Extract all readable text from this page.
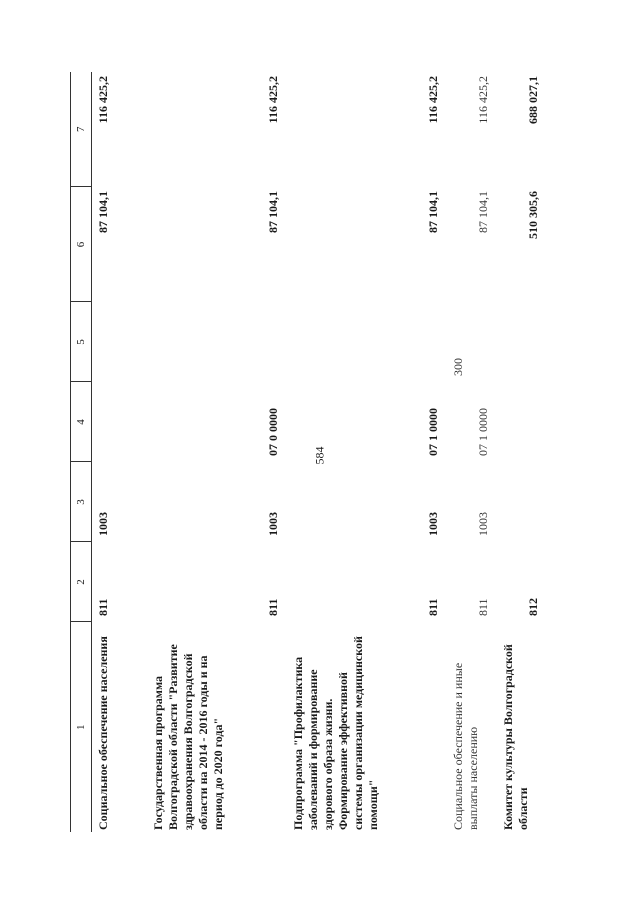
584
1	2	3	4	5	6	7
Социальное обеспечение населения	811	1003			87 104,1	116 425,2
Государственная программа Волгоградской области "Развитие здравоохранения Волгоградской области на 2014 - 2016 годы и на период до 2020 года"	811	1003	07 0 0000		87 104,1	116 425,2
Подпрограмма "Профилактика заболеваний и формирование здорового образа жизни. Формирование эффективной системы организации медицинской помощи"	811	1003	07 1 0000		87 104,1	116 425,2
Социальное обеспечение и иные выплаты населению	811	1003	07 1 0000	300	87 104,1	116 425,2
Комитет культуры Волгоградской области	812				510 305,6	688 027,1
